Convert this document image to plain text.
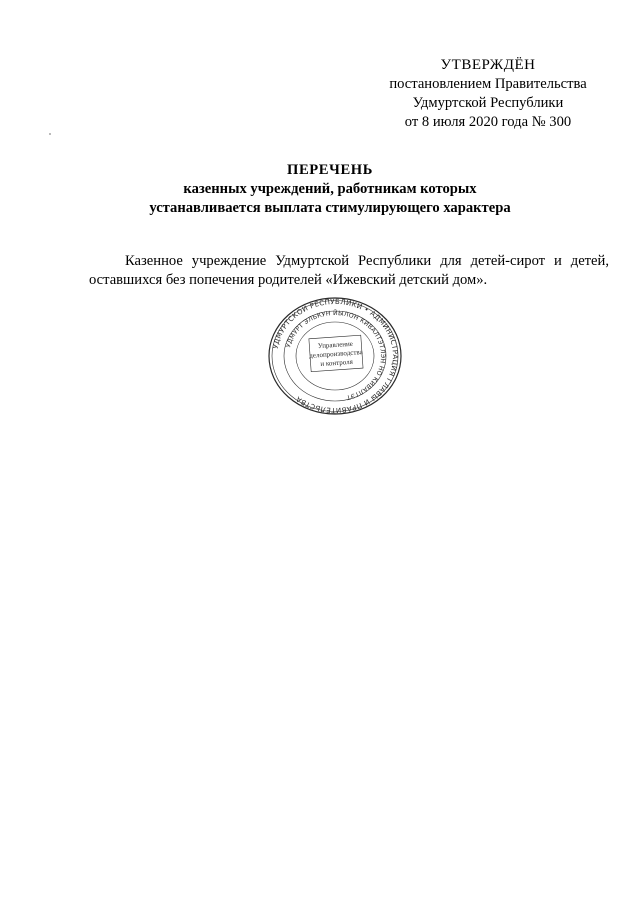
УТВЕРЖДЁН
постановлением Правительства
Удмуртской Республики
от 8 июля 2020 года № 300
ПЕРЕЧЕНЬ
казенных учреждений, работникам которых
устанавливается выплата стимулирующего характера
Казенное учреждение Удмуртской Республики для детей-сирот и детей, оставшихся без попечения родителей «Ижевский детский дом».
УДМУРТСКОЙ РЕСПУБЛИКИ • АДМИНИСТРАЦИЯ ГЛАВЫ И ПРАВИТЕЛЬСТВА
УДМУРТ ЭЛЬКУН ЙЫЛОН КИВАЛТЭТЛЭН НО КИВАЛТЭТ
Управление
делопроизводства
и контроля
